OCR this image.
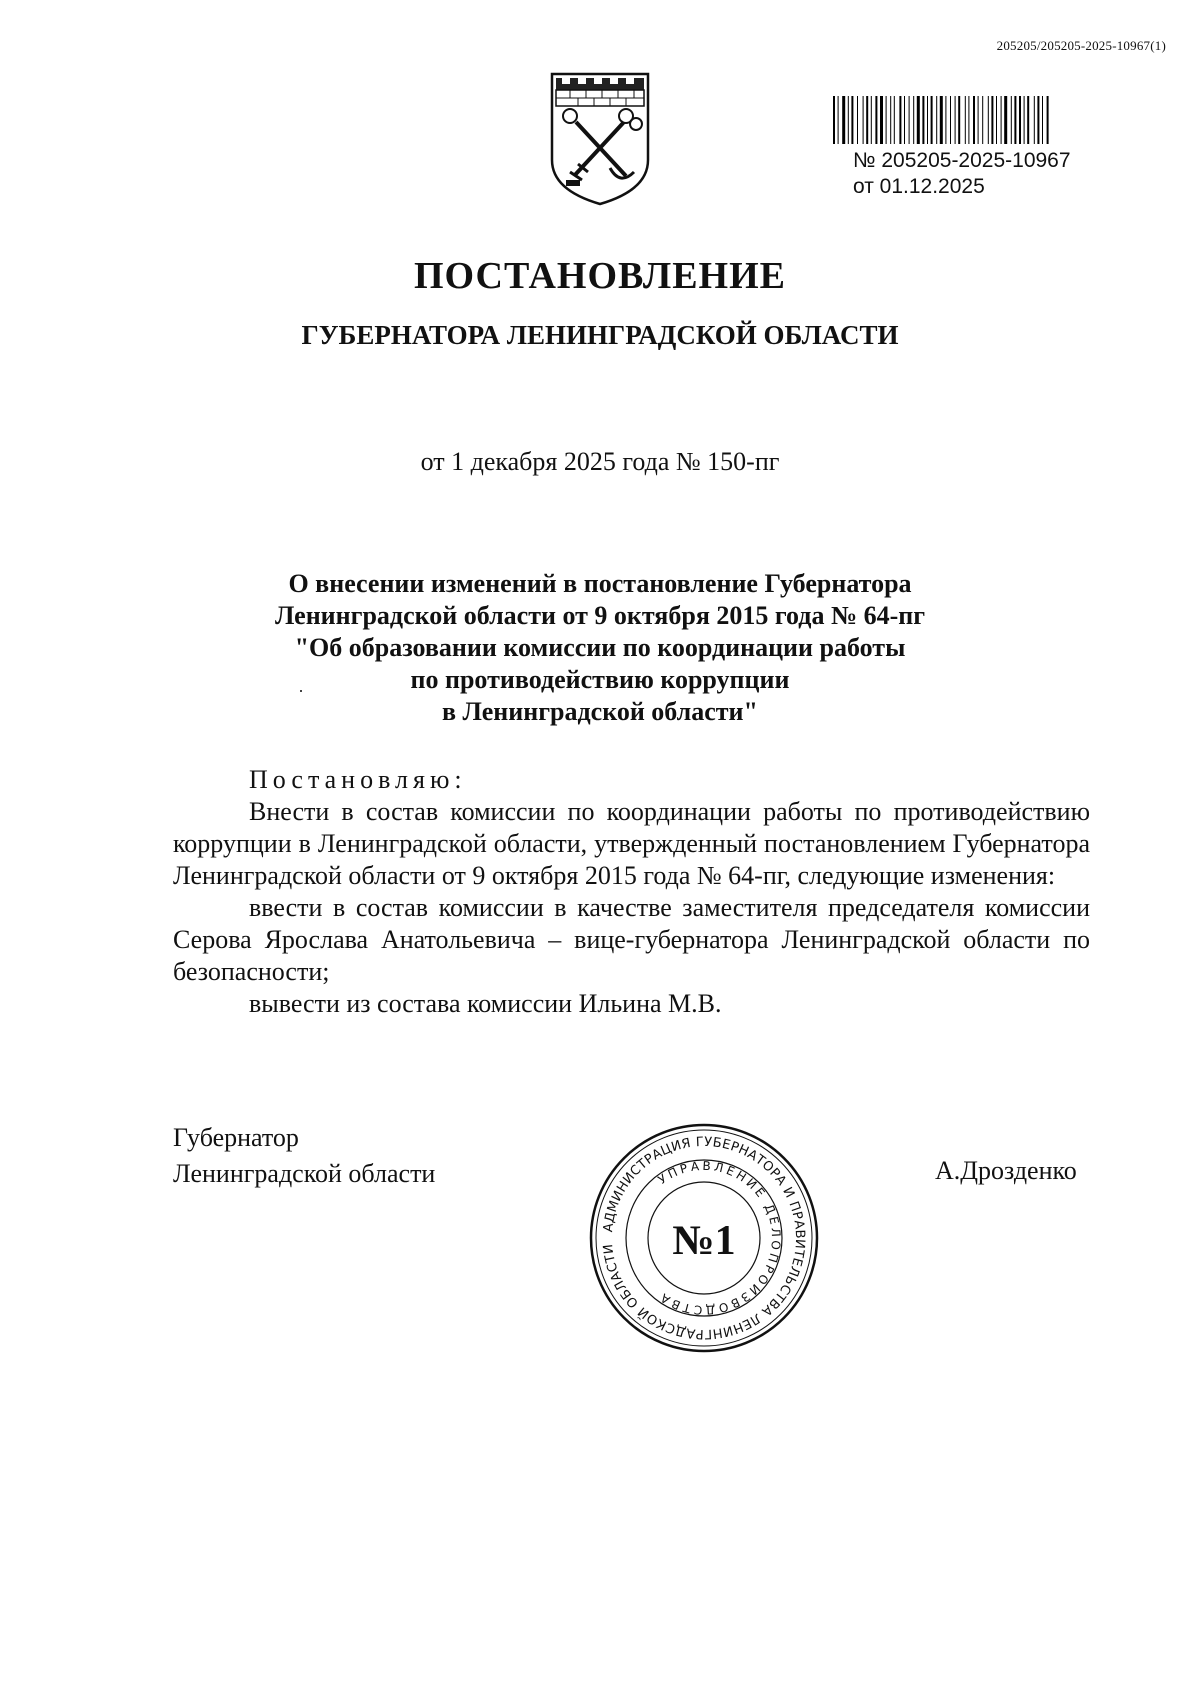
205205/205205-2025-10967(1)
№ 205205-2025-10967
от 01.12.2025
ПОСТАНОВЛЕНИЕ
ГУБЕРНАТОРА ЛЕНИНГРАДСКОЙ ОБЛАСТИ
от 1 декабря 2025 года № 150-пг
О внесении изменений в постановление Губернатора
Ленинградской области от 9 октября 2015 года № 64-пг
"Об образовании комиссии по координации работы
по противодействию коррупции
в Ленинградской области"

Постановляю:

Внести в состав комиссии по координации работы по противодействию коррупции в Ленинградской области, утвержденный постановлением Губернатора Ленинградской области от 9 октября 2015 года № 64-пг, следующие изменения:

ввести в состав комиссии в качестве заместителя председателя комиссии Серова Ярослава Анатольевича – вице-губернатора Ленинградской области по безопасности;

вывести из состава комиссии Ильина М.В.

Губернатор
Ленинградской области	А.Дрозденко
АДМИНИСТРАЦИЯ ГУБЕРНАТОРА И ПРАВИТЕЛЬСТВА ЛЕНИНГРАДСКОЙ ОБЛАСТИ
УПРАВЛЕНИЕ ДЕЛОПРОИЗВОДСТВА
№1
